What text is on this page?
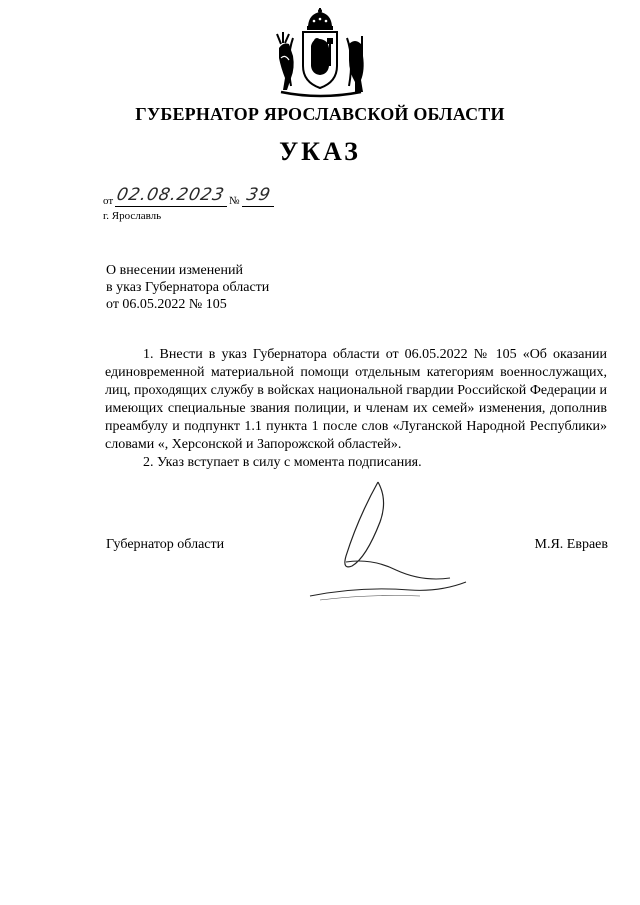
ГУБЕРНАТОР ЯРОСЛАВСКОЙ ОБЛАСТИ
УКАЗ
от 02.08.2023 № 39
г. Ярославль
О внесении изменений
в указ Губернатора области
от 06.05.2022 № 105

1. Внести в указ Губернатора области от 06.05.2022 № 105 «Об оказании единовременной материальной помощи отдельным категориям военнослужащих, лиц, проходящих службу в войсках национальной гвардии Российской Федерации и имеющих специальные звания полиции, и членам их семей» изменения, дополнив преамбулу и подпункт 1.1 пункта 1 после слов «Луганской Народной Республики» словами «, Херсонской и Запорожской областей».

2. Указ вступает в силу с момента подписания.

Губернатор области	М.Я. Евраев
